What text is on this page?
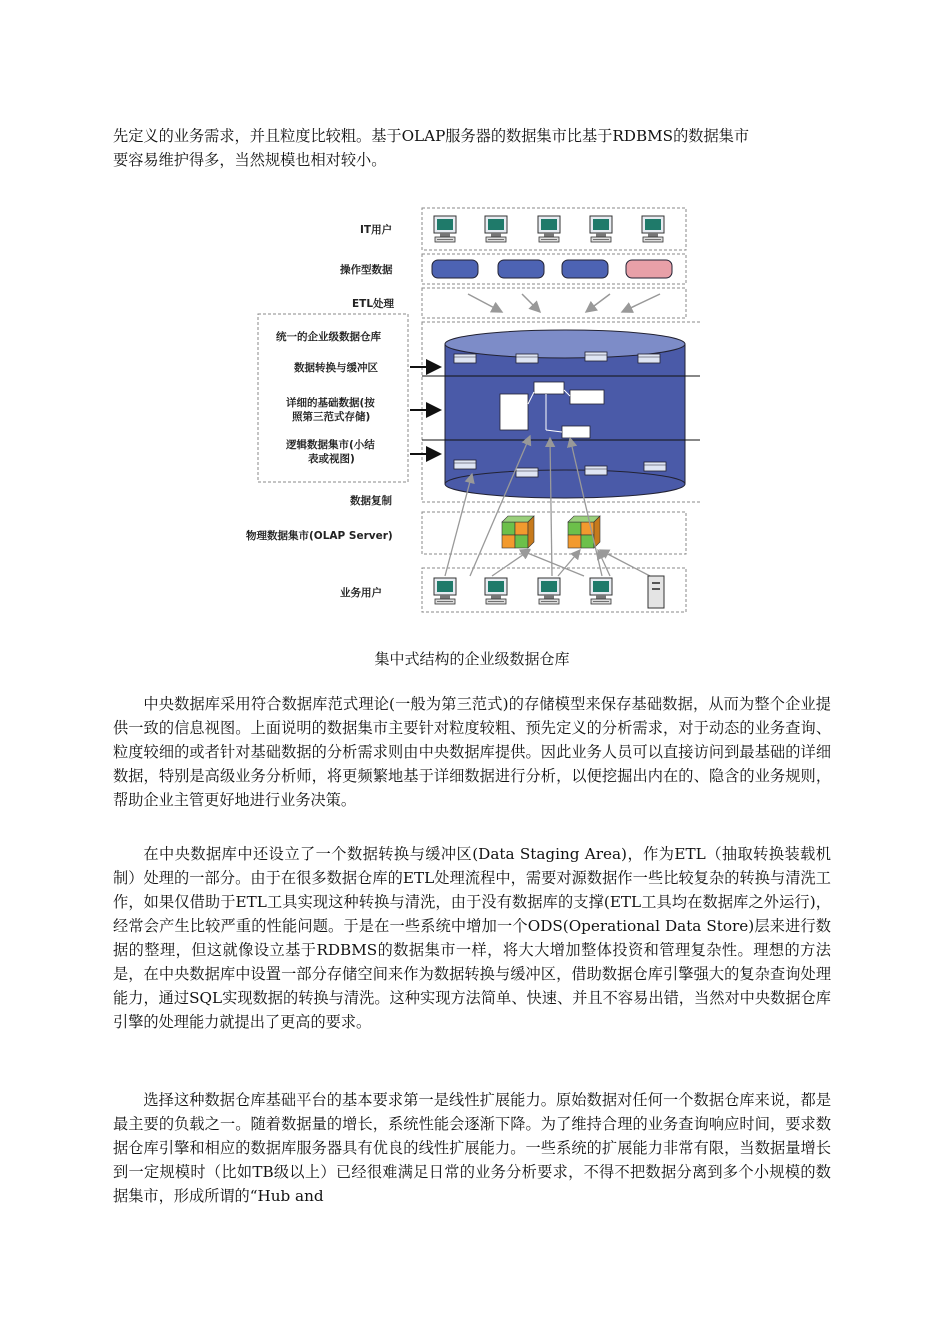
先定义的业务需求，并且粒度比较粗。基于OLAP服务器的数据集市比基于RDBMS的数据集市
要容易维护得多，当然规模也相对较小。

IT用户
操作型数据
ETL处理
统一的企业级数据仓库
数据转换与缓冲区
详细的基础数据(按
照第三范式存储)
逻辑数据集市(小结
表或视图)
数据复制
物理数据集市(OLAP Server)
业务用户
集中式结构的企业级数据仓库

中央数据库采用符合数据库范式理论(一般为第三范式)的存储模型来保存基础数据，从而为整个企业提供一致的信息视图。上面说明的数据集市主要针对粒度较粗、预先定义的分析需求，对于动态的业务查询、粒度较细的或者针对基础数据的分析需求则由中央数据库提供。因此业务人员可以直接访问到最基础的详细数据，特别是高级业务分析师，将更频繁地基于详细数据进行分析，以便挖掘出内在的、隐含的业务规则，帮助企业主管更好地进行业务决策。

在中央数据库中还设立了一个数据转换与缓冲区(Data Staging Area)，作为ETL（抽取转换装载机制）处理的一部分。由于在很多数据仓库的ETL处理流程中，需要对源数据作一些比较复杂的转换与清洗工作，如果仅借助于ETL工具实现这种转换与清洗，由于没有数据库的支撑(ETL工具均在数据库之外运行)，经常会产生比较严重的性能问题。于是在一些系统中增加一个ODS(Operational Data Store)层来进行数据的整理，但这就像设立基于RDBMS的数据集市一样，将大大增加整体投资和管理复杂性。理想的方法是，在中央数据库中设置一部分存储空间来作为数据转换与缓冲区，借助数据仓库引擎强大的复杂查询处理能力，通过SQL实现数据的转换与清洗。这种实现方法简单、快速、并且不容易出错，当然对中央数据仓库引擎的处理能力就提出了更高的要求。

选择这种数据仓库基础平台的基本要求第一是线性扩展能力。原始数据对任何一个数据仓库来说，都是最主要的负载之一。随着数据量的增长，系统性能会逐渐下降。为了维持合理的业务查询响应时间，要求数据仓库引擎和相应的数据库服务器具有优良的线性扩展能力。一些系统的扩展能力非常有限，当数据量增长到一定规模时（比如TB级以上）已经很难满足日常的业务分析要求，不得不把数据分离到多个小规模的数据集市，形成所谓的“Hub and
